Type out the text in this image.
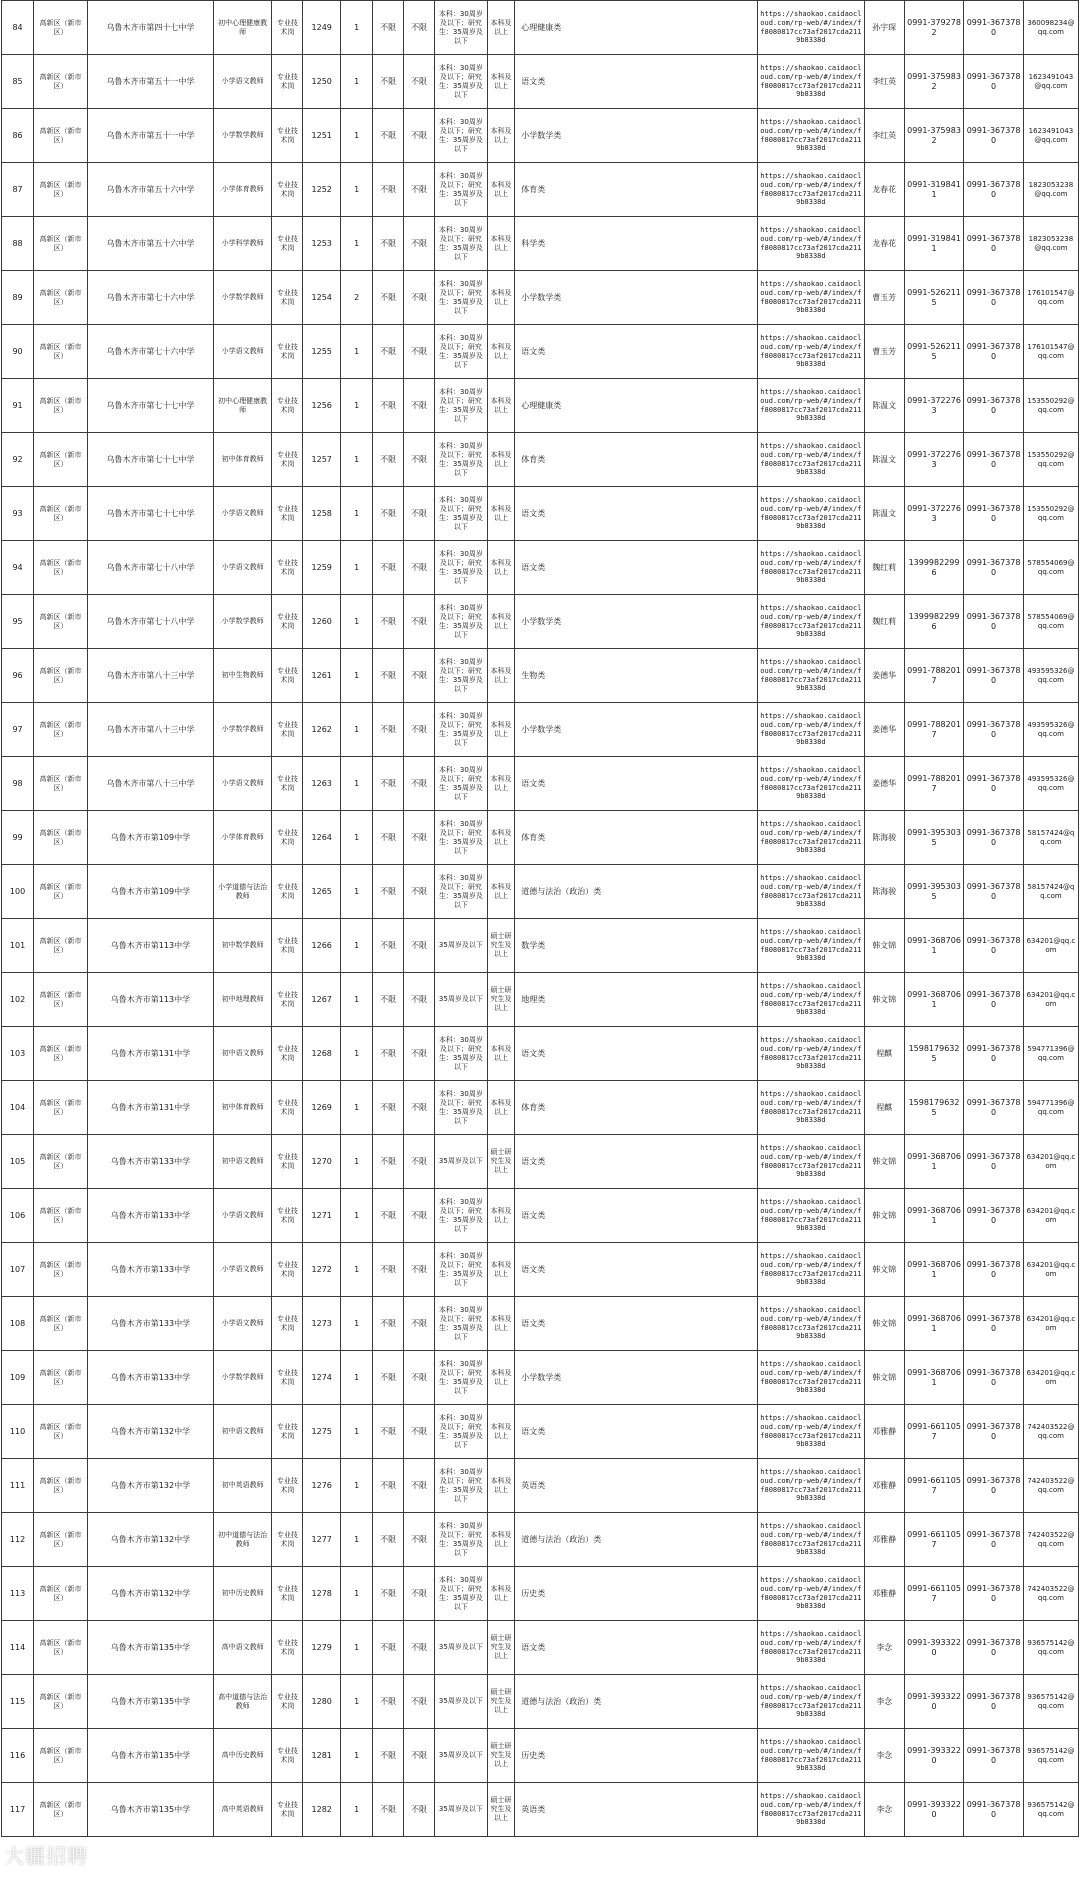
84	高新区（新市区）	乌鲁木齐市第四十七中学	初中心理健康教师	专业技术岗	1249	1	不限	不限	本科：30周岁及以下；研究生：35周岁及以下	本科及以上	心理健康类	https://shaokao.caidaocloud.com/rp-web/#/index/ff8080817cc73af2017cda2119b8338d	孙宇琛	0991-3792782	0991-3673780	360098234@qq.com
85	高新区（新市区）	乌鲁木齐市第五十一中学	小学语文教师	专业技术岗	1250	1	不限	不限	本科：30周岁及以下；研究生：35周岁及以下	本科及以上	语文类	https://shaokao.caidaocloud.com/rp-web/#/index/ff8080817cc73af2017cda2119b8338d	李红英	0991-3759832	0991-3673780	1623491043@qq.com
86	高新区（新市区）	乌鲁木齐市第五十一中学	小学数学教师	专业技术岗	1251	1	不限	不限	本科：30周岁及以下；研究生：35周岁及以下	本科及以上	小学数学类	https://shaokao.caidaocloud.com/rp-web/#/index/ff8080817cc73af2017cda2119b8338d	李红英	0991-3759832	0991-3673780	1623491043@qq.com
87	高新区（新市区）	乌鲁木齐市第五十六中学	小学体育教师	专业技术岗	1252	1	不限	不限	本科：30周岁及以下；研究生：35周岁及以下	本科及以上	体育类	https://shaokao.caidaocloud.com/rp-web/#/index/ff8080817cc73af2017cda2119b8338d	龙春花	0991-3198411	0991-3673780	1823053238@qq.com
88	高新区（新市区）	乌鲁木齐市第五十六中学	小学科学教师	专业技术岗	1253	1	不限	不限	本科：30周岁及以下；研究生：35周岁及以下	本科及以上	科学类	https://shaokao.caidaocloud.com/rp-web/#/index/ff8080817cc73af2017cda2119b8338d	龙春花	0991-3198411	0991-3673780	1823053238@qq.com
89	高新区（新市区）	乌鲁木齐市第七十六中学	小学数学教师	专业技术岗	1254	2	不限	不限	本科：30周岁及以下；研究生：35周岁及以下	本科及以上	小学数学类	https://shaokao.caidaocloud.com/rp-web/#/index/ff8080817cc73af2017cda2119b8338d	曹玉芳	0991-5262115	0991-3673780	176101547@qq.com
90	高新区（新市区）	乌鲁木齐市第七十六中学	小学语文教师	专业技术岗	1255	1	不限	不限	本科：30周岁及以下；研究生：35周岁及以下	本科及以上	语文类	https://shaokao.caidaocloud.com/rp-web/#/index/ff8080817cc73af2017cda2119b8338d	曹玉芳	0991-5262115	0991-3673780	176101547@qq.com
91	高新区（新市区）	乌鲁木齐市第七十七中学	初中心理健康教师	专业技术岗	1256	1	不限	不限	本科：30周岁及以下；研究生：35周岁及以下	本科及以上	心理健康类	https://shaokao.caidaocloud.com/rp-web/#/index/ff8080817cc73af2017cda2119b8338d	陈温文	0991-3722763	0991-3673780	153550292@qq.com
92	高新区（新市区）	乌鲁木齐市第七十七中学	初中体育教师	专业技术岗	1257	1	不限	不限	本科：30周岁及以下；研究生：35周岁及以下	本科及以上	体育类	https://shaokao.caidaocloud.com/rp-web/#/index/ff8080817cc73af2017cda2119b8338d	陈温文	0991-3722763	0991-3673780	153550292@qq.com
93	高新区（新市区）	乌鲁木齐市第七十七中学	小学语文教师	专业技术岗	1258	1	不限	不限	本科：30周岁及以下；研究生：35周岁及以下	本科及以上	语文类	https://shaokao.caidaocloud.com/rp-web/#/index/ff8080817cc73af2017cda2119b8338d	陈温文	0991-3722763	0991-3673780	153550292@qq.com
94	高新区（新市区）	乌鲁木齐市第七十八中学	小学语文教师	专业技术岗	1259	1	不限	不限	本科：30周岁及以下；研究生：35周岁及以下	本科及以上	语文类	https://shaokao.caidaocloud.com/rp-web/#/index/ff8080817cc73af2017cda2119b8338d	魏红莉	13999822996	0991-3673780	578554069@qq.com
95	高新区（新市区）	乌鲁木齐市第七十八中学	小学数学教师	专业技术岗	1260	1	不限	不限	本科：30周岁及以下；研究生：35周岁及以下	本科及以上	小学数学类	https://shaokao.caidaocloud.com/rp-web/#/index/ff8080817cc73af2017cda2119b8338d	魏红莉	13999822996	0991-3673780	578554069@qq.com
96	高新区（新市区）	乌鲁木齐市第八十三中学	初中生物教师	专业技术岗	1261	1	不限	不限	本科：30周岁及以下；研究生：35周岁及以下	本科及以上	生物类	https://shaokao.caidaocloud.com/rp-web/#/index/ff8080817cc73af2017cda2119b8338d	姜德华	0991-7882017	0991-3673780	493595326@qq.com
97	高新区（新市区）	乌鲁木齐市第八十三中学	小学数学教师	专业技术岗	1262	1	不限	不限	本科：30周岁及以下；研究生：35周岁及以下	本科及以上	小学数学类	https://shaokao.caidaocloud.com/rp-web/#/index/ff8080817cc73af2017cda2119b8338d	姜德华	0991-7882017	0991-3673780	493595326@qq.com
98	高新区（新市区）	乌鲁木齐市第八十三中学	小学语文教师	专业技术岗	1263	1	不限	不限	本科：30周岁及以下；研究生：35周岁及以下	本科及以上	语文类	https://shaokao.caidaocloud.com/rp-web/#/index/ff8080817cc73af2017cda2119b8338d	姜德华	0991-7882017	0991-3673780	493595326@qq.com
99	高新区（新市区）	乌鲁木齐市第109中学	小学体育教师	专业技术岗	1264	1	不限	不限	本科：30周岁及以下；研究生：35周岁及以下	本科及以上	体育类	https://shaokao.caidaocloud.com/rp-web/#/index/ff8080817cc73af2017cda2119b8338d	陈海骏	0991-3953035	0991-3673780	58157424@qq.com
100	高新区（新市区）	乌鲁木齐市第109中学	小学道德与法治教师	专业技术岗	1265	1	不限	不限	本科：30周岁及以下；研究生：35周岁及以下	本科及以上	道德与法治（政治）类	https://shaokao.caidaocloud.com/rp-web/#/index/ff8080817cc73af2017cda2119b8338d	陈海骏	0991-3953035	0991-3673780	58157424@qq.com
101	高新区（新市区）	乌鲁木齐市第113中学	初中数学教师	专业技术岗	1266	1	不限	不限	35周岁及以下	硕士研究生及以上	数学类	https://shaokao.caidaocloud.com/rp-web/#/index/ff8080817cc73af2017cda2119b8338d	韩文锦	0991-3687061	0991-3673780	634201@qq.com
102	高新区（新市区）	乌鲁木齐市第113中学	初中地理教师	专业技术岗	1267	1	不限	不限	35周岁及以下	硕士研究生及以上	地理类	https://shaokao.caidaocloud.com/rp-web/#/index/ff8080817cc73af2017cda2119b8338d	韩文锦	0991-3687061	0991-3673780	634201@qq.com
103	高新区（新市区）	乌鲁木齐市第131中学	初中语文教师	专业技术岗	1268	1	不限	不限	本科：30周岁及以下；研究生：35周岁及以下	本科及以上	语文类	https://shaokao.caidaocloud.com/rp-web/#/index/ff8080817cc73af2017cda2119b8338d	程麒	15981796325	0991-3673780	594771396@qq.com
104	高新区（新市区）	乌鲁木齐市第131中学	初中体育教师	专业技术岗	1269	1	不限	不限	本科：30周岁及以下；研究生：35周岁及以下	本科及以上	体育类	https://shaokao.caidaocloud.com/rp-web/#/index/ff8080817cc73af2017cda2119b8338d	程麒	15981796325	0991-3673780	594771396@qq.com
105	高新区（新市区）	乌鲁木齐市第133中学	初中语文教师	专业技术岗	1270	1	不限	不限	35周岁及以下	硕士研究生及以上	语文类	https://shaokao.caidaocloud.com/rp-web/#/index/ff8080817cc73af2017cda2119b8338d	韩文锦	0991-3687061	0991-3673780	634201@qq.com
106	高新区（新市区）	乌鲁木齐市第133中学	小学语文教师	专业技术岗	1271	1	不限	不限	本科：30周岁及以下；研究生：35周岁及以下	本科及以上	语文类	https://shaokao.caidaocloud.com/rp-web/#/index/ff8080817cc73af2017cda2119b8338d	韩文锦	0991-3687061	0991-3673780	634201@qq.com
107	高新区（新市区）	乌鲁木齐市第133中学	小学语文教师	专业技术岗	1272	1	不限	不限	本科：30周岁及以下；研究生：35周岁及以下	本科及以上	语文类	https://shaokao.caidaocloud.com/rp-web/#/index/ff8080817cc73af2017cda2119b8338d	韩文锦	0991-3687061	0991-3673780	634201@qq.com
108	高新区（新市区）	乌鲁木齐市第133中学	小学语文教师	专业技术岗	1273	1	不限	不限	本科：30周岁及以下；研究生：35周岁及以下	本科及以上	语文类	https://shaokao.caidaocloud.com/rp-web/#/index/ff8080817cc73af2017cda2119b8338d	韩文锦	0991-3687061	0991-3673780	634201@qq.com
109	高新区（新市区）	乌鲁木齐市第133中学	小学数学教师	专业技术岗	1274	1	不限	不限	本科：30周岁及以下；研究生：35周岁及以下	本科及以上	小学数学类	https://shaokao.caidaocloud.com/rp-web/#/index/ff8080817cc73af2017cda2119b8338d	韩文锦	0991-3687061	0991-3673780	634201@qq.com
110	高新区（新市区）	乌鲁木齐市第132中学	初中语文教师	专业技术岗	1275	1	不限	不限	本科：30周岁及以下；研究生：35周岁及以下	本科及以上	语文类	https://shaokao.caidaocloud.com/rp-web/#/index/ff8080817cc73af2017cda2119b8338d	邓雅静	0991-6611057	0991-3673780	742403522@qq.com
111	高新区（新市区）	乌鲁木齐市第132中学	初中英语教师	专业技术岗	1276	1	不限	不限	本科：30周岁及以下；研究生：35周岁及以下	本科及以上	英语类	https://shaokao.caidaocloud.com/rp-web/#/index/ff8080817cc73af2017cda2119b8338d	邓雅静	0991-6611057	0991-3673780	742403522@qq.com
112	高新区（新市区）	乌鲁木齐市第132中学	初中道德与法治教师	专业技术岗	1277	1	不限	不限	本科：30周岁及以下；研究生：35周岁及以下	本科及以上	道德与法治（政治）类	https://shaokao.caidaocloud.com/rp-web/#/index/ff8080817cc73af2017cda2119b8338d	邓雅静	0991-6611057	0991-3673780	742403522@qq.com
113	高新区（新市区）	乌鲁木齐市第132中学	初中历史教师	专业技术岗	1278	1	不限	不限	本科：30周岁及以下；研究生：35周岁及以下	本科及以上	历史类	https://shaokao.caidaocloud.com/rp-web/#/index/ff8080817cc73af2017cda2119b8338d	邓雅静	0991-6611057	0991-3673780	742403522@qq.com
114	高新区（新市区）	乌鲁木齐市第135中学	高中语文教师	专业技术岗	1279	1	不限	不限	35周岁及以下	硕士研究生及以上	语文类	https://shaokao.caidaocloud.com/rp-web/#/index/ff8080817cc73af2017cda2119b8338d	李念	0991-3933220	0991-3673780	936575142@qq.com
115	高新区（新市区）	乌鲁木齐市第135中学	高中道德与法治教师	专业技术岗	1280	1	不限	不限	35周岁及以下	硕士研究生及以上	道德与法治（政治）类	https://shaokao.caidaocloud.com/rp-web/#/index/ff8080817cc73af2017cda2119b8338d	李念	0991-3933220	0991-3673780	936575142@qq.com
116	高新区（新市区）	乌鲁木齐市第135中学	高中历史教师	专业技术岗	1281	1	不限	不限	35周岁及以下	硕士研究生及以上	历史类	https://shaokao.caidaocloud.com/rp-web/#/index/ff8080817cc73af2017cda2119b8338d	李念	0991-3933220	0991-3673780	936575142@qq.com
117	高新区（新市区）	乌鲁木齐市第135中学	高中英语教师	专业技术岗	1282	1	不限	不限	35周岁及以下	硕士研究生及以上	英语类	https://shaokao.caidaocloud.com/rp-web/#/index/ff8080817cc73af2017cda2119b8338d	李念	0991-3933220	0991-3673780	936575142@qq.com
大疆招聘
